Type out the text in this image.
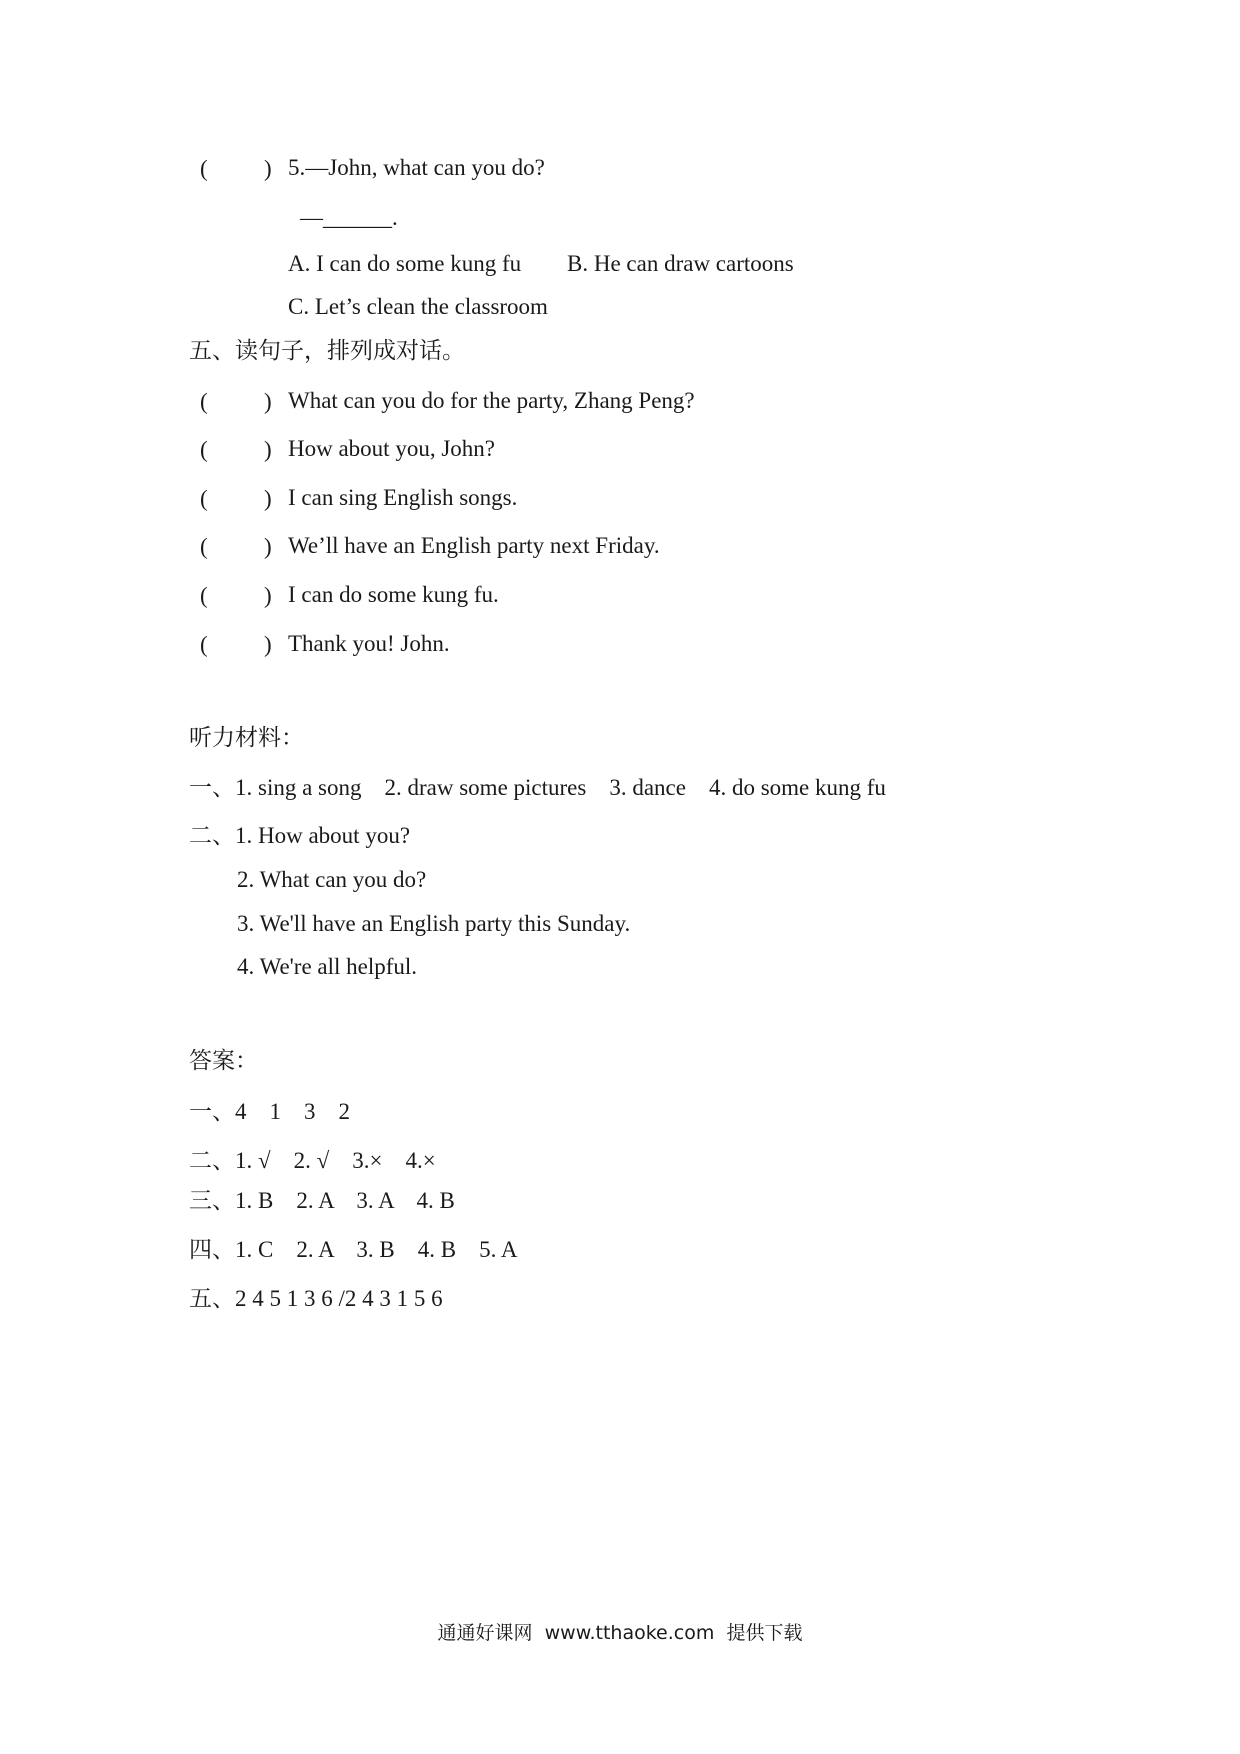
( ) 5.—John, what can you do?
—______.
A. I can do some kung fu B. He can draw cartoons
C. Let’s clean the classroom
五、读句子，排列成对话。
( ) What can you do for the party, Zhang Peng?
( ) How about you, John?
( ) I can sing English songs.
( ) We’ll have an English party next Friday.
( ) I can do some kung fu.
( ) Thank you! John.
听力材料：
一、1. sing a song    2. draw some pictures    3. dance    4. do some kung fu
二、1. How about you?
2. What can you do?
3. We'll have an English party this Sunday.
4. We're all helpful.
答案：
一、4    1    3    2
二、1. √    2. √    3.×    4.×
三、1. B    2. A    3. A    4. B
四、1. C    2. A    3. B    4. B    5. A
五、2 4 5 1 3 6 /2 4 3 1 5 6
通通好课网  www.tthaoke.com  提供下载
